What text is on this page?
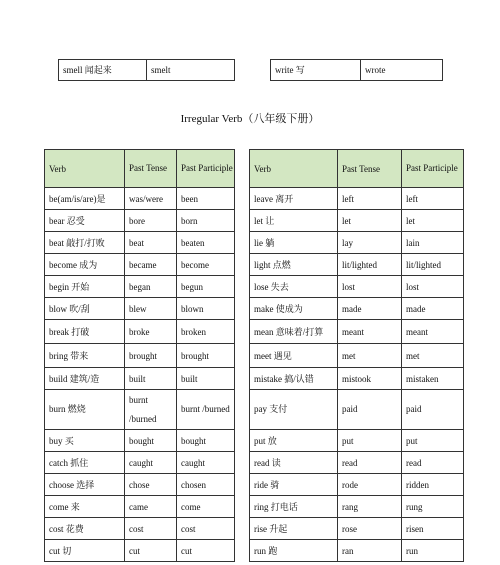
smell 闻起来	smelt	write 写	wrote
Irregular Verb（八年级下册）
Verb	Past Tense	Past Participle
be(am/is/are)是	was/were	been
bear 忍受	bore	born
beat 敲打/打败	beat	beaten
become 成为	became	become
begin 开始	began	begun
blow 吹/刮	blew	blown
break 打破	broke	broken
bring 带来	brought	brought
build 建筑/造	built	built
burn 燃烧	burnt /burned	burnt /burned
buy 买	bought	bought
catch 抓住	caught	caught
choose 选择	chose	chosen
come 来	came	come
cost 花费	cost	cost
cut 切	cut	cut
Verb	Past Tense	Past Participle
leave 离开	left	left
let 让	let	let
lie 躺	lay	lain
light 点燃	lit/lighted	lit/lighted
lose 失去	lost	lost
make 使成为	made	made
mean 意味着/打算	meant	meant
meet 遇见	met	met
mistake 搞/认错	mistook	mistaken
pay 支付	paid	paid
put 放	put	put
read 读	read	read
ride 骑	rode	ridden
ring 打电话	rang	rung
rise 升起	rose	risen
run 跑	ran	run
